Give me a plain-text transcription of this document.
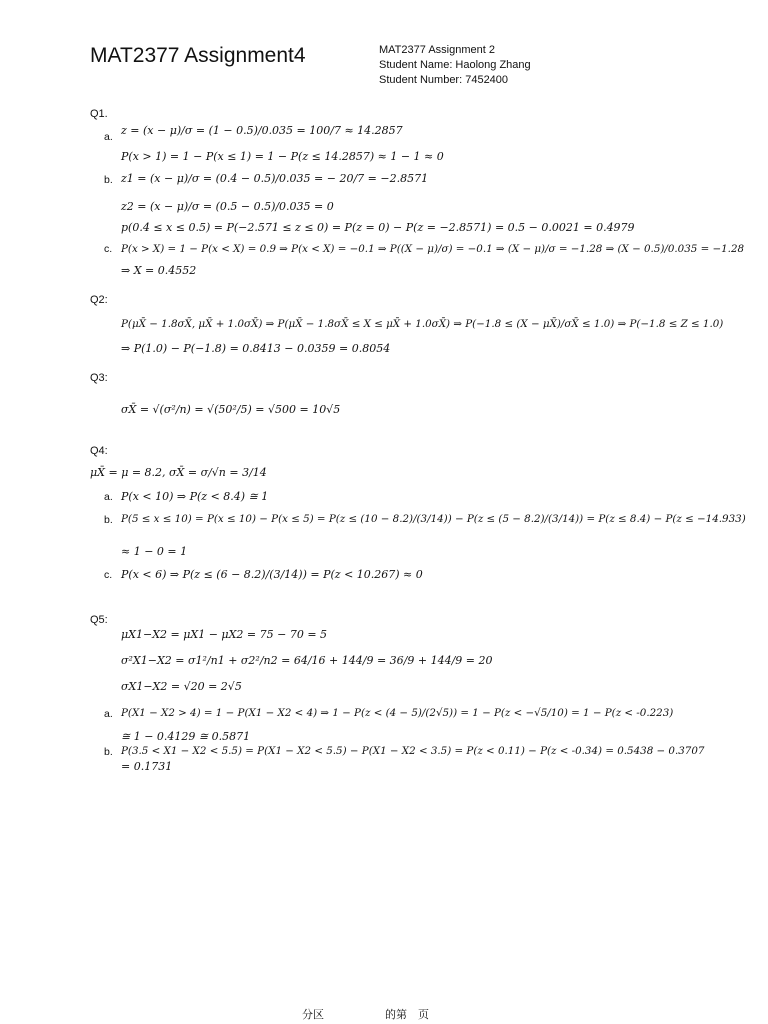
MAT2377 Assignment4	MAT2377 Assignment 2
Student Name: Haolong Zhang
Student Number: 7452400
Q1.
a. z = (x − μ)/σ = (1 − 0.5)/0.035 = 100/7 ≈ 14.2857
P(x > 1) = 1 − P(x ≤ 1) = 1 − P(z ≤ 14.2857) ≈ 1 − 1 ≈ 0
b. z1 = (x − μ)/σ = (0.4 − 0.5)/0.035 = − 20/7 = −2.8571
z2 = (x − μ)/σ = (0.5 − 0.5)/0.035 = 0
p(0.4 ≤ x ≤ 0.5) = P(−2.571 ≤ z ≤ 0) = P(z = 0) − P(z = −2.8571) = 0.5 − 0.0021 = 0.4979
c. P(x > X) = 1 − P(x < X) = 0.9 ⇒ P(x < X) = −0.1 ⇒ P((X − μ)/σ) = −0.1 ⇒ (X − μ)/σ = −1.28 ⇒ (X − 0.5)/0.035 = −1.28
⇒ X = 0.4552
Q2:
P(μX̄ − 1.8σX̄, μX̄ + 1.0σX̄) ⇒ P(μX̄ − 1.8σX̄ ≤ X ≤ μX̄ + 1.0σX̄) ⇒ P(−1.8 ≤ (X − μX̄)/σX̄ ≤ 1.0) ⇒ P(−1.8 ≤ Z ≤ 1.0)
⇒ P(1.0) − P(−1.8) = 0.8413 − 0.0359 = 0.8054
Q3:
σX̄ = √(σ²/n) = √(50²/5) = √500 = 10√5
Q4:
μX̄ = μ = 8.2, σX̄ = σ/√n = 3/14
a. P(x < 10) ⇒ P(z < 8.4) ≅ 1
b. P(5 ≤ x ≤ 10) = P(x ≤ 10) − P(x ≤ 5) = P(z ≤ (10 − 8.2)/(3/14)) − P(z ≤ (5 − 8.2)/(3/14)) = P(z ≤ 8.4) − P(z ≤ −14.933)
≈ 1 − 0 = 1
c. P(x < 6) ⇒ P(z ≤ (6 − 8.2)/(3/14)) = P(z < 10.267) ≈ 0
Q5:
μX1−X2 = μX1 − μX2 = 75 − 70 = 5
σ²X1−X2 = σ1²/n1 + σ2²/n2 = 64/16 + 144/9 = 36/9 + 144/9 = 20
σX1−X2 = √20 = 2√5
a. P(X1 − X2 > 4) = 1 − P(X1 − X2 < 4) ⇒ 1 − P(z < (4 − 5)/(2√5)) = 1 − P(z < −√5/10) = 1 − P(z < -0.223)
≅ 1 − 0.4129 ≅ 0.5871
b. P(3.5 < X1 − X2 < 5.5) = P(X1 − X2 < 5.5) − P(X1 − X2 < 3.5) = P(z < 0.11) − P(z < -0.34) = 0.5438 − 0.3707
= 0.1731
分区	的第　页
